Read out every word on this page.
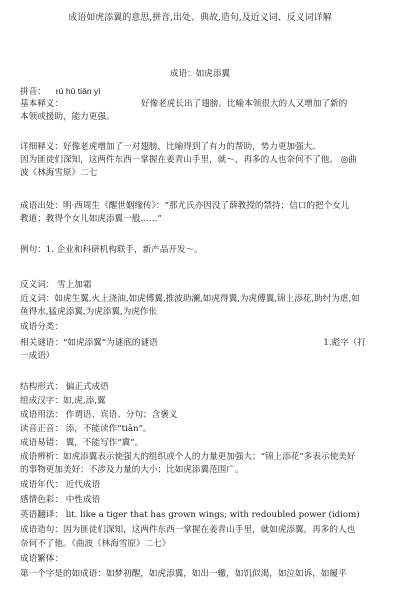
成语如虎添翼的意思,拼音,出处、典故,造句,及近义词、反义词详解
成语：如虎添翼
拼音： rú hǔ tiān yì
基本释义：	好像老虎长出了翅膀。比喻本领很大的人又增加了新的
本领或援助，能力更强。
详细释义：好像老虎增加了一对翅膀，比喻得到了有力的帮助，势力更加强大。
因为匪徒们深知，这两件东西一掌握在姜青山手里，就～，再多的人也奈何不了他。 ◎曲
波《林海雪原》二七
成语出处：明·西周生《醒世姻缘传》：“那尤氏亦因没了薛教授的禁持；信口的把个女儿
教道；教得个女儿如虎添翼一般……”
例句：1. 企业和科研机构联手，新产品开发～。
反义词： 雪上加霜
近义词：如虎生翼,火上浇油,如虎傅翼,推波助澜,如虎得翼,为虎傅翼,锦上添花,助纣为虐,如
鱼得水,猛虎添翼,为虎添翼,为虎作伥
成语分类：
相关谜语：“如虎添翼”为谜底的谜语	1.彪字（打
一成语）
结构形式： 偏正式成语
组成汉字：如,虎,添,翼
成语用法： 作谓语、宾语、分句；含褒义
读音正音： 添，不能读作“tiān”。
成语易错： 翼，不能写作“冀”。
成语辨析：如虎添翼表示使强大的组织或个人的力量更加强大；“锦上添花”多表示使美好
的事物更加美好；不涉及力量的大小；比如虎添翼范围广。
成语年代： 近代成语
感情色彩： 中性成语
英语翻译： lit. like a tiger that has grown wings; with redoubled power (idiom)
成语造句：因为匪徒们深知，这两件东西一掌握在姜青山手里，就如虎添翼，再多的人也
奈何不了他。《曲波《林海雪原》二七》
成语繁体：
第一个字是的如成语：如梦初醒，如虎添翼，如出一辙，如饥似渴，如泣如诉，如履平
